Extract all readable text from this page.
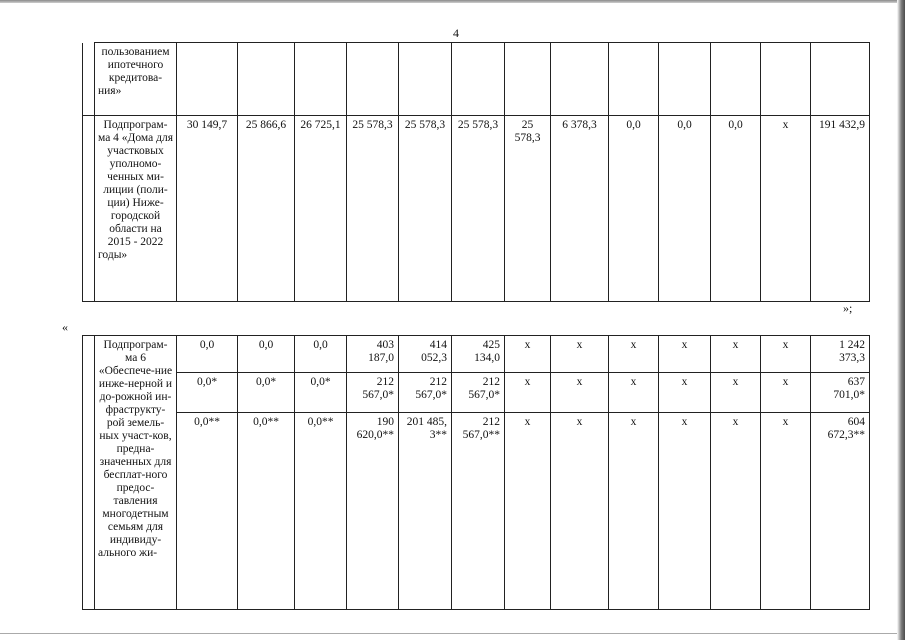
4
	пользованием ипотечного кредитова-ния»													
	Подпрограм-ма 4 «Дома для участковых уполномо-ченных ми-лиции (поли-ции) Ниже-городской области на 2015 - 2022 годы»	30 149,7	25 866,6	26 725,1	25 578,3	25 578,3	25 578,3	25 578,3	6 378,3	0,0	0,0	0,0	х	191 432,9
»;
«
	Подпрограм-ма 6 «Обеспече-ние инже-нерной и до-рожной ин-фраструкту-рой земель-ных участ-ков, предна-значенных для бесплат-ного предос-тавления многодетным семьям для индивиду-ального жи-	0,0	0,0	0,0	403 187,0	414 052,3	425 134,0	х	х	х	х	х	х	1 242 373,3
		0,0*	0,0*	0,0*	212 567,0*	212 567,0*	212 567,0*	х	х	х	х	х	х	637 701,0*
		0,0**	0,0**	0,0**	190 620,0**	201 485, 3**	212 567,0**	х	х	х	х	х	х	604 672,3**
